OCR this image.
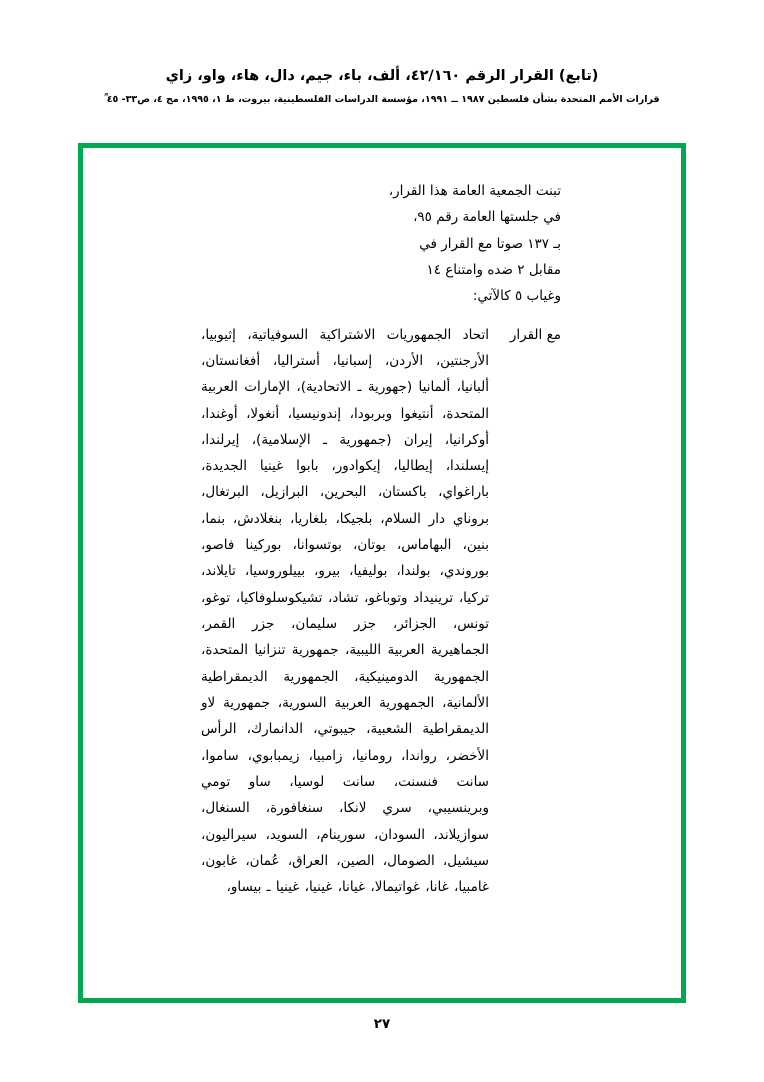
(تابع) القرار الرقم ٤٢/١٦٠، ألف، باء، جيم، دال، هاء، واو، زاي
قرارات الأمم المتحدة بشأن فلسطين ١٩٨٧ ــ ١٩٩١، مؤسسة الدراسات الفلسطينية، بيروت، ط ١، ١٩٩٥، مج ٤، ص٣٣- ٤٥ ؒ
تبنت الجمعية العامة هذا القرار،
في جلستها العامة رقم ٩٥،
بـ ١٣٧ صوتا مع القرار في
مقابل ٢ ضده وامتناع ١٤
وغياب ٥ كالآتي:
مع القرار
اتحاد الجمهوريات الاشتراكية السوفياتية، إثيوبيا، الأرجنتين، الأردن، إسبانيا، أستراليا، أفغانستان، ألبانيا، ألمانيا (جهورية ـ الاتحادية)، الإمارات العربية المتحدة، أنتيغوا وبربودا، إندونيسيا، أنغولا، أوغندا، أوكرانيا، إيران (جمهورية ـ الإسلامية)، إيرلندا، إيسلندا، إيطاليا، إيكوادور، بابوا غينيا الجديدة، باراغواي، باكستان، البحرين، البرازيل، البرتغال، بروناي دار السلام، بلجيكا، بلغاريا، بنغلادش، بنما، بنين، البهاماس، بوتان، بوتسوانا، بوركينا فاصو، بوروندي، بولندا، بوليفيا، بيرو، بييلوروسيا، تايلاند، تركيا، ترينيداد وتوباغو، تشاد، تشيكوسلوفاكيا، توغو، تونس، الجزائر، جزر سليمان، جزر القمر، الجماهيرية العربية الليبية، جمهورية تنزانيا المتحدة، الجمهورية الدومينيكية، الجمهورية الديمقراطية الألمانية، الجمهورية العربية السورية، جمهورية لاو الديمقراطية الشعبية، جيبوتي، الدانمارك، الرأس الأخضر، رواندا، رومانيا، زامبيا، زيمبابوي، ساموا، سانت فنسنت، سانت لوسيا، ساو تومي وبرينسيبي، سري لانكا، سنغافورة، السنغال، سوازيلاند، السودان، سورينام، السويد، سيراليون، سيشيل، الصومال، الصين، العراق، عُمان، غابون، غامبيا، غانا، غواتيمالا، غيانا، غينيا، غينيا ـ بيساو،
٢٧
